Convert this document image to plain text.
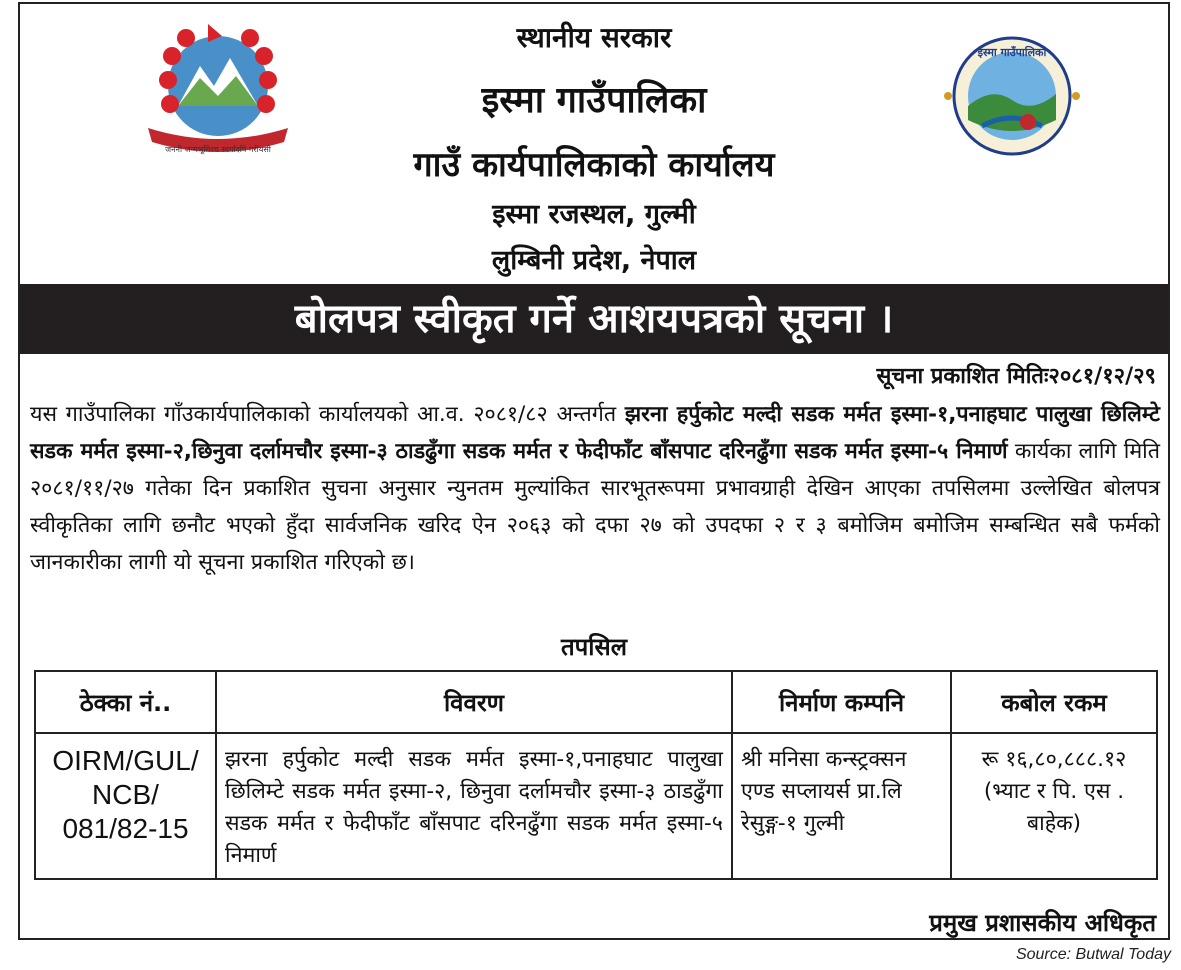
जननी जन्मभूमिश्च स्वर्गादपि गरीयसी
इस्मा गाउँपालिका
स्थानीय सरकार
इस्मा गाउँपालिका
गाउँ कार्यपालिकाको कार्यालय
इस्मा रजस्थल, गुल्मी
लुम्बिनी प्रदेश, नेपाल
बोलपत्र स्वीकृत गर्ने आशयपत्रको सूचना ।
सूचना प्रकाशित मितिः२०८१/१२/२९
यस गाउँपालिका गाँउकार्यपालिकाको कार्यालयको आ.व. २०८१/८२ अन्तर्गत झरना हर्पुकोट मल्दी सडक मर्मत इस्मा-१,पनाहघाट पालुखा छिलिम्टे सडक मर्मत इस्मा-२,छिनुवा दर्लामचौर इस्मा-३ ठाडढुँगा सडक मर्मत र फेदीफाँट बाँसपाट दरिनढुँगा सडक मर्मत इस्मा-५ निमार्ण कार्यका लागि मिति २०८१/११/२७ गतेका दिन प्रकाशित सुचना अनुसार न्युनतम मुल्यांकित सारभूतरूपमा प्रभावग्राही देखिन आएका तपसिलमा उल्लेखित बोलपत्र स्वीकृतिका लागि छनौट भएको हुँदा सार्वजनिक खरिद ऐन २०६३ को दफा २७ को उपदफा २ र ३ बमोजिम बमोजिम सम्बन्धित सबै फर्मको जानकारीका लागी यो सूचना प्रकाशित गरिएको छ।
तपसिल
ठेक्का नं..	विवरण	निर्माण कम्पनि	कबोल रकम
OIRM/GUL/ NCB/ 081/82-15	झरना हर्पुकोट मल्दी सडक मर्मत इस्मा-१,पनाहघाट पालुखा छिलिम्टे सडक मर्मत इस्मा-२, छिनुवा दर्लामचौर इस्मा-३ ठाडढुँगा सडक मर्मत र फेदीफाँट बाँसपाट दरिनढुँगा सडक मर्मत इस्मा-५ निमार्ण	श्री मनिसा कन्स्ट्रक्सन एण्ड सप्लायर्स प्रा.लि रेसुङ्ग-१ गुल्मी	रू १६,८०,८८८.१२ (भ्याट र पि. एस . बाहेक)
प्रमुख प्रशासकीय अधिकृत
Source: Butwal Today
